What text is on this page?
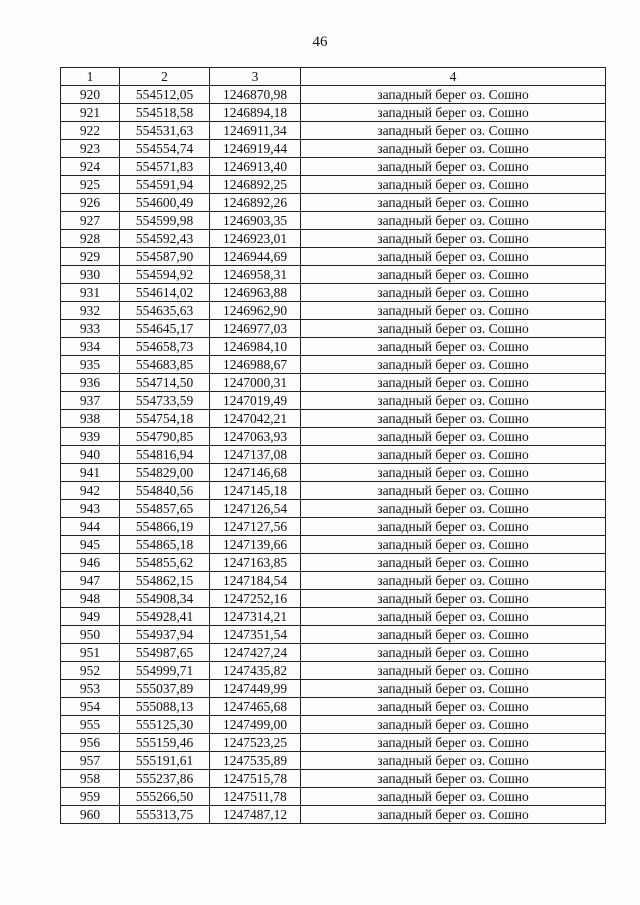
46
1	2	3	4
920	554512,05	1246870,98	западный берег оз. Сошно
921	554518,58	1246894,18	западный берег оз. Сошно
922	554531,63	1246911,34	западный берег оз. Сошно
923	554554,74	1246919,44	западный берег оз. Сошно
924	554571,83	1246913,40	западный берег оз. Сошно
925	554591,94	1246892,25	западный берег оз. Сошно
926	554600,49	1246892,26	западный берег оз. Сошно
927	554599,98	1246903,35	западный берег оз. Сошно
928	554592,43	1246923,01	западный берег оз. Сошно
929	554587,90	1246944,69	западный берег оз. Сошно
930	554594,92	1246958,31	западный берег оз. Сошно
931	554614,02	1246963,88	западный берег оз. Сошно
932	554635,63	1246962,90	западный берег оз. Сошно
933	554645,17	1246977,03	западный берег оз. Сошно
934	554658,73	1246984,10	западный берег оз. Сошно
935	554683,85	1246988,67	западный берег оз. Сошно
936	554714,50	1247000,31	западный берег оз. Сошно
937	554733,59	1247019,49	западный берег оз. Сошно
938	554754,18	1247042,21	западный берег оз. Сошно
939	554790,85	1247063,93	западный берег оз. Сошно
940	554816,94	1247137,08	западный берег оз. Сошно
941	554829,00	1247146,68	западный берег оз. Сошно
942	554840,56	1247145,18	западный берег оз. Сошно
943	554857,65	1247126,54	западный берег оз. Сошно
944	554866,19	1247127,56	западный берег оз. Сошно
945	554865,18	1247139,66	западный берег оз. Сошно
946	554855,62	1247163,85	западный берег оз. Сошно
947	554862,15	1247184,54	западный берег оз. Сошно
948	554908,34	1247252,16	западный берег оз. Сошно
949	554928,41	1247314,21	западный берег оз. Сошно
950	554937,94	1247351,54	западный берег оз. Сошно
951	554987,65	1247427,24	западный берег оз. Сошно
952	554999,71	1247435,82	западный берег оз. Сошно
953	555037,89	1247449,99	западный берег оз. Сошно
954	555088,13	1247465,68	западный берег оз. Сошно
955	555125,30	1247499,00	западный берег оз. Сошно
956	555159,46	1247523,25	западный берег оз. Сошно
957	555191,61	1247535,89	западный берег оз. Сошно
958	555237,86	1247515,78	западный берег оз. Сошно
959	555266,50	1247511,78	западный берег оз. Сошно
960	555313,75	1247487,12	западный берег оз. Сошно
